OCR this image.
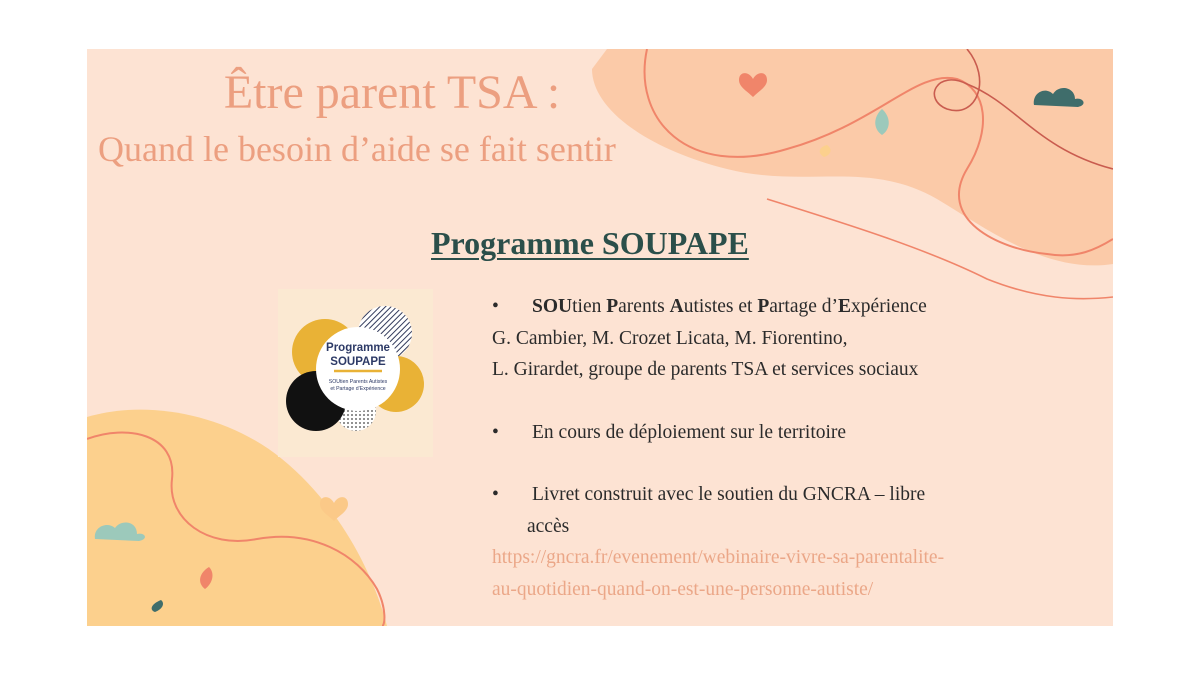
Être parent TSA :
Quand le besoin d’aide se fait sentir
Programme SOUPAPE
Programme
SOUPAPE
SOUtien Parents Autistes
et Partage d’Expérience
• SOUtien Parents Autistes et Partage d’Expérience
G. Cambier, M. Crozet Licata, M. Fiorentino,
L. Girardet, groupe de parents TSA et services sociaux
• En cours de déploiement sur le territoire
• Livret construit avec le soutien du GNCRA – libre
accès
https://gncra.fr/evenement/webinaire-vivre-sa-parentalite-
au-quotidien-quand-on-est-une-personne-autiste/
